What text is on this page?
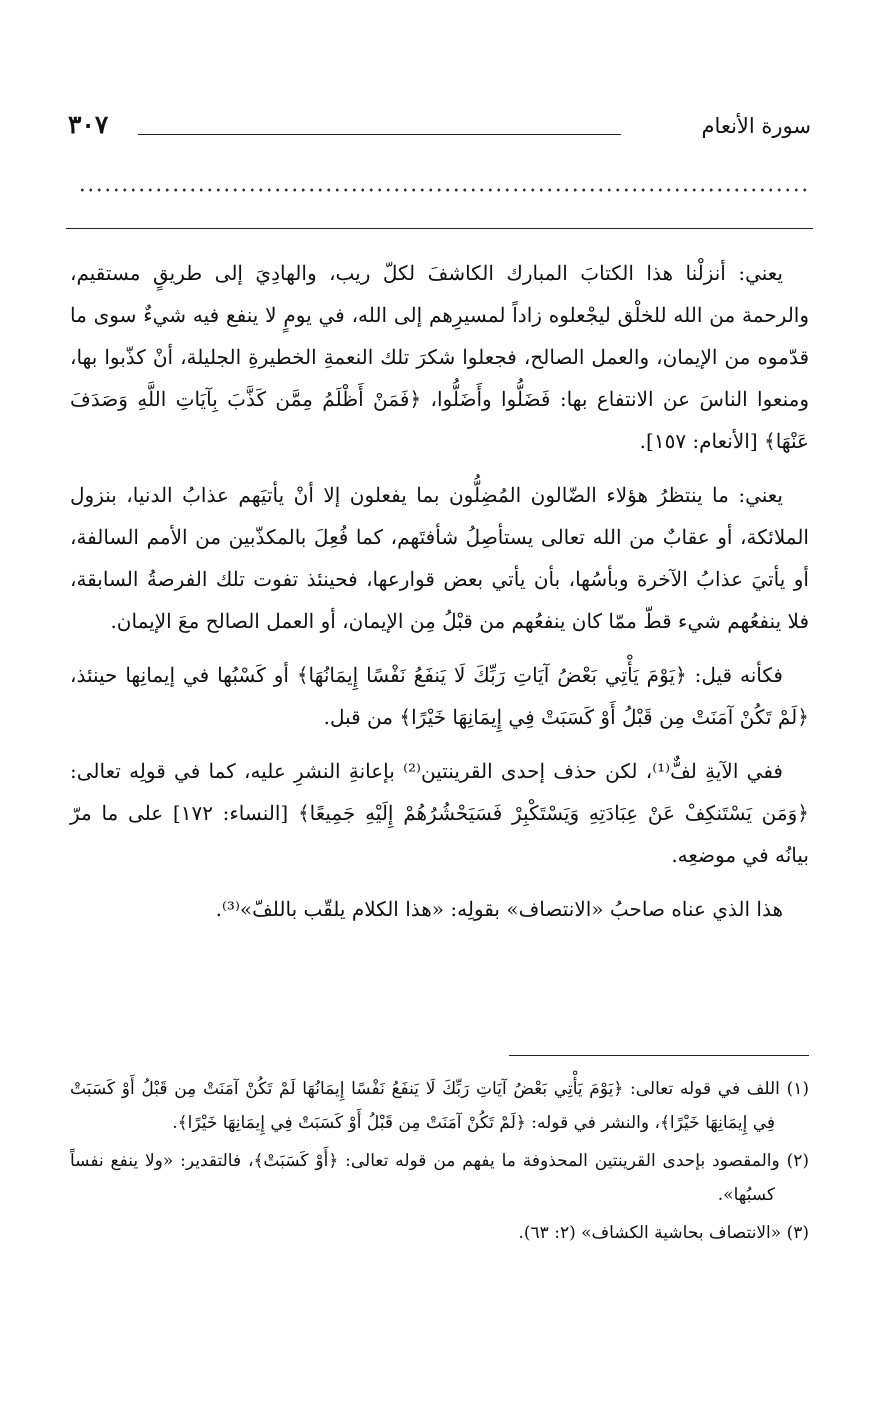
سورة الأنعام
٣٠٧

يعني: أنزلْنا هذا الكتابَ المبارك الكاشفَ لكلّ ريب، والهادِيَ إلى طريقٍ مستقيم، والرحمة من الله للخلْق ليجْعلوه زاداً لمسيرِهم إلى الله، في يومٍ لا ينفع فيه شيءٌ سوى ما قدّموه من الإيمان، والعمل الصالح، فجعلوا شكرَ تلك النعمةِ الخطيرةِ الجليلة، أنْ كذّبوا بها، ومنعوا الناسَ عن الانتفاع بها: فَضَلُّوا وأَضَلُّوا، ﴿فَمَنْ أَظْلَمُ مِمَّن كَذَّبَ بِآيَاتِ اللَّهِ وَصَدَفَ عَنْهَا﴾ [الأنعام: ١٥٧].

يعني: ما ينتظرُ هؤلاء الضّالون المُضِلُّون بما يفعلون إلا أنْ يأتيَهم عذابُ الدنيا، بنزول الملائكة، أو عقابٌ من الله تعالى يستأصِلُ شأفتَهم، كما فُعِلَ بالمكذّبين من الأمم السالفة، أو يأتيَ عذابُ الآخرة وبأسُها، بأن يأتي بعض قوارعها، فحينئذ تفوت تلك الفرصةُ السابقة، فلا ينفعُهم شيء قطّ ممّا كان ينفعُهم من قبْلُ مِن الإيمان، أو العمل الصالح معَ الإيمان.

فكأنه قيل: ﴿يَوْمَ يَأْتِي بَعْضُ آيَاتِ رَبِّكَ لَا يَنفَعُ نَفْسًا إِيمَانُهَا﴾ أو كَسْبُها في إيمانِها حينئذ، ﴿لَمْ تَكُنْ آمَنَتْ مِن قَبْلُ أَوْ كَسَبَتْ فِي إِيمَانِهَا خَيْرًا﴾ من قبل.

ففي الآيةِ لفٌّ⁽¹⁾، لكن حذف إحدى القرينتين⁽²⁾ بإعانةِ النشرِ عليه، كما في قولِه تعالى: ﴿وَمَن يَسْتَنكِفْ عَنْ عِبَادَتِهِ وَيَسْتَكْبِرْ فَسَيَحْشُرُهُمْ إِلَيْهِ جَمِيعًا﴾ [النساء: ١٧٢] على ما مرّ بيانُه في موضعِه.

هذا الذي عناه صاحبُ «الانتصاف» بقولِه: «هذا الكلام يلقّب باللفّ»⁽³⁾.

(١) اللف في قوله تعالى: ﴿يَوْمَ يَأْتِي بَعْضُ آيَاتِ رَبِّكَ لَا يَنفَعُ نَفْسًا إِيمَانُهَا لَمْ تَكُنْ آمَنَتْ مِن قَبْلُ أَوْ كَسَبَتْ فِي إِيمَانِهَا خَيْرًا﴾، والنشر في قوله: ﴿لَمْ تَكُنْ آمَنَتْ مِن قَبْلُ أَوْ كَسَبَتْ فِي إِيمَانِهَا خَيْرًا﴾.

(٢) والمقصود بإحدى القرينتين المحذوفة ما يفهم من قوله تعالى: ﴿أَوْ كَسَبَتْ﴾، فالتقدير: «ولا ينفع نفساً كسبُها».

(٣) «الانتصاف بحاشية الكشاف» (٢: ٦٣).
